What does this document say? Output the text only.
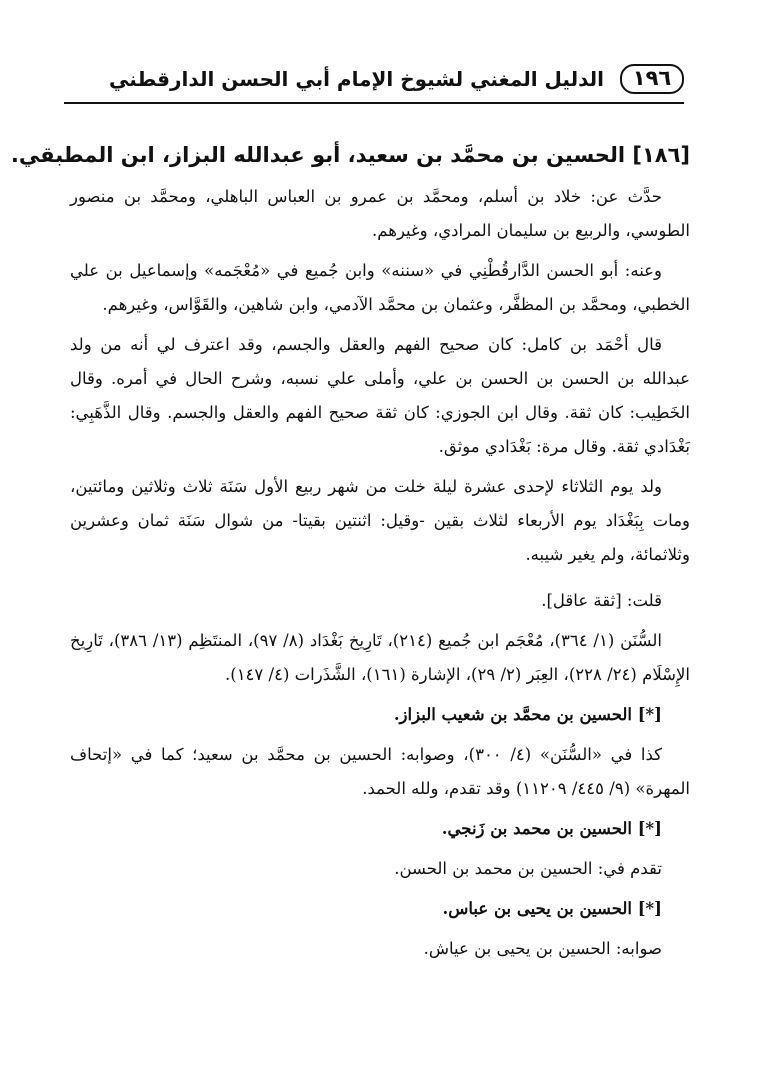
١٩٦
الدليل المغني لشيوخ الإمام أبي الحسن الدارقطني

[١٨٦] الحسين بن محمَّد بن سعيد، أبو عبدالله البزاز، ابن المطبقي.

حدَّث عن: خلاد بن أسلم، ومحمَّد بن عمرو بن العباس الباهلي، ومحمَّد بن منصور الطوسي، والربيع بن سليمان المرادي، وغيرهم.

وعنه: أبو الحسن الدَّارقُطْنِي في «سننه» وابن جُميع في «مُعْجَمه» وإسماعيل بن علي الخطبي، ومحمَّد بن المظفَّر، وعثمان بن محمَّد الآدمي، وابن شاهين، والقَوَّاس، وغيرهم.

قال أحْمَد بن كامل: كان صحيح الفهم والعقل والجسم، وقد اعترف لي أنه من ولد عبدالله بن الحسن بن الحسن بن علي، وأملى علي نسبه، وشرح الحال في أمره. وقال الخَطِيب: كان ثقة. وقال ابن الجوزي: كان ثقة صحيح الفهم والعقل والجسم. وقال الذَّهَبِي: بَغْدَادي ثقة. وقال مرة: بَغْدَادي موثق.

ولد يوم الثلاثاء لإحدى عشرة ليلة خلت من شهر ربيع الأول سَنَة ثلاث وثلاثين ومائتين، ومات بِبَغْدَاد يوم الأربعاء لثلاث بقين -وقيل: اثنتين بقيتا- من شوال سَنَة ثمان وعشرين وثلاثمائة، ولم يغير شيبه.

قلت: [ثقة عاقل].

السُّنَن (١/ ٣٦٤)، مُعْجَم ابن جُميع (٢١٤)، تَارِيخ بَغْدَاد (٨/ ٩٧)، المنتَظِم (١٣/ ٣٨٦)، تَارِيخ الإِسْلَام (٢٤/ ٢٢٨)، العِبَر (٢/ ٢٩)، الإشارة (١٦١)، الشَّذَرات (٤/ ١٤٧).

[*] الحسين بن محمَّد بن شعيب البزاز.

كذا في «السُّنَن» (٤/ ٣٠٠)، وصوابه: الحسين بن محمَّد بن سعيد؛ كما في «إتحاف المهرة» (٩/ ٤٤٥/ ١١٢٠٩) وقد تقدم، ولله الحمد.

[*] الحسين بن محمد بن زَنجي.

تقدم في: الحسين بن محمد بن الحسن.

[*] الحسين بن يحيى بن عباس.

صوابه: الحسين بن يحيى بن عياش.
